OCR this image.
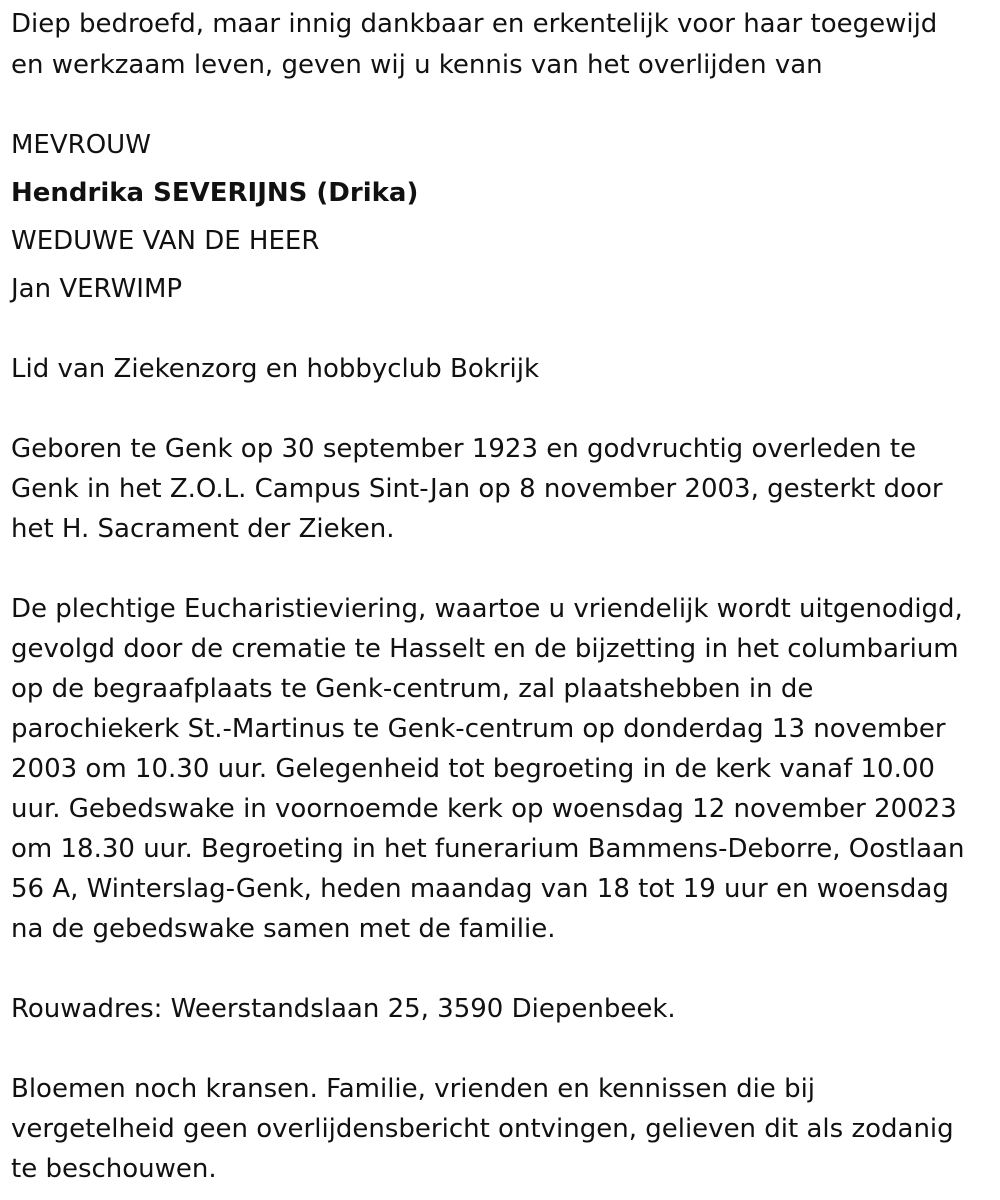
Diep bedroefd, maar innig dankbaar en erkentelijk voor haar toegewijd
en werkzaam leven, geven wij u kennis van het overlijden van
MEVROUW
Hendrika SEVERIJNS (Drika)
WEDUWE VAN DE HEER
Jan VERWIMP
Lid van Ziekenzorg en hobbyclub Bokrijk
Geboren te Genk op 30 september 1923 en godvruchtig overleden te
Genk in het Z.O.L. Campus Sint-Jan op 8 november 2003, gesterkt door
het H. Sacrament der Zieken.
De plechtige Eucharistieviering, waartoe u vriendelijk wordt uitgenodigd,
gevolgd door de crematie te Hasselt en de bijzetting in het columbarium
op de begraafplaats te Genk-centrum, zal plaatshebben in de
parochiekerk St.-Martinus te Genk-centrum op donderdag 13 november
2003 om 10.30 uur. Gelegenheid tot begroeting in de kerk vanaf 10.00
uur. Gebedswake in voornoemde kerk op woensdag 12 november 20023
om 18.30 uur. Begroeting in het funerarium Bammens-Deborre, Oostlaan
56 A, Winterslag-Genk, heden maandag van 18 tot 19 uur en woensdag
na de gebedswake samen met de familie.
Rouwadres: Weerstandslaan 25, 3590 Diepenbeek.
Bloemen noch kransen. Familie, vrienden en kennissen die bij
vergetelheid geen overlijdensbericht ontvingen, gelieven dit als zodanig
te beschouwen.
